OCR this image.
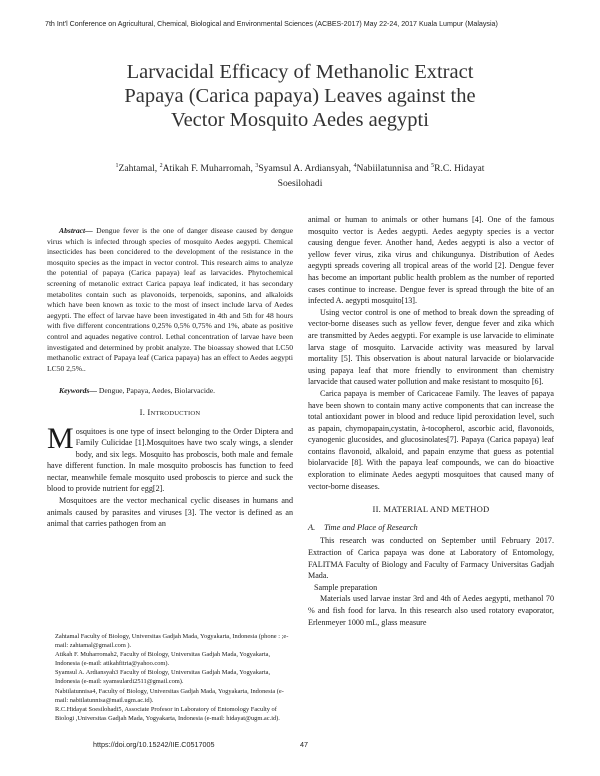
7th Int'l Conference on Agricultural, Chemical, Biological and Environmental Sciences (ACBES-2017) May 22-24, 2017 Kuala Lumpur (Malaysia)
Larvacidal Efficacy of Methanolic Extract
Papaya (Carica papaya) Leaves against the
Vector Mosquito Aedes aegypti
$^1$Zahtamal, $^2$Atikah F. Muharromah, $^3$Syamsul A. Ardiansyah, $^4$Nabiilatunnisa and $^5$R.C. Hidayat
Soesilohadi

Abstract— Dengue fever is the one of danger disease caused by dengue virus which is infected through species of mosquito Aedes aegypti. Chemical insecticides has been concidered to the development of the resistance in the mosquito species as the impact in vector control. This research aims to analyze the potential of papaya (Carica papaya) leaf as larvacides. Phytochemical screening of metanolic extract Carica papaya leaf indicated, it has secondary metabolites contain such as plavonoids, terpenoids, saponins, and alkaloids which have been known as toxic to the most of insect include larva of Aedes aegypti. The effect of larvae have been investigated in 4th and 5th for 48 hours with five different concentrations 0,25% 0,5% 0,75% and 1%, abate as positive control and aquades negative control. Lethal concentration of larvae have been investigated and determined by probit analyze. The bioassay showed that LC50 methanolic extract of Papaya leaf (Carica papaya) has an effect to Aedes aegypti LC50 2,5%..

Keywords— Dengue, Papaya, Aedes, Biolarvacide.

I. INTRODUCTION

Mosquitoes is one type of insect belonging to the Order Diptera and Family Culicidae [1].Mosquitoes have two scaly wings, a slender body, and six legs. Mosquito has proboscis, both male and female have different function. In male mosquito proboscis has function to feed nectar, meanwhile female mosquito used proboscis to pierce and suck the blood to provide nutrient for egg[2].

Mosquitoes are the vector mechanical cyclic diseases in humans and animals caused by parasites and viruses [3]. The vector is defined as an animal that carries pathogen from an

Zahtamal Faculty of Biology, Universitas Gadjah Mada, Yogyakarta, Indonesia (phone : ;e-mail: zahtamal@gmail.com ).

Atikah F. Muharromah2, Faculty of Biology, Universitas Gadjah Mada, Yogyakarta, Indonesia (e-mail: atikahfitria@yahoo.com).

Syamsul A. Ardiansyah3 Faculty of Biology, Universitas Gadjah Mada, Yogyakarta, Indonesia (e-mail: syamsulardi2511@gmail.com).

Nabiilatunnisa4, Faculty of Biology, Universitas Gadjah Mada, Yogyakarta, Indonesia (e-mail: nabiilatunnisa@mail.ugm.ac.id).

R.C.Hidayat Soesilohadi5, Associate Profesor in Laboratory of Entomology Faculty of Biologi ,Universitas Gadjah Mada, Yogyakarta, Indonesia (e-mail: hidayat@ugm.ac.id).

animal or human to animals or other humans [4]. One of the famous mosquito vector is Aedes aegypti. Aedes aegypty species is a vector causing dengue fever. Another hand, Aedes aegypti is also a vector of yellow fever virus, zika virus and chikungunya. Distribution of Aedes aegypti spreads covering all tropical areas of the world [2]. Dengue fever has become an important public health problem as the number of reported cases continue to increase. Dengue fever is spread through the bite of an infected A. aegypti mosquito[13].

Using vector control is one of method to break down the spreading of vector-borne diseases such as yellow fever, dengue fever and zika which are transmitted by Aedes aegypti. For example is use larvacide to eliminate larva stage of mosquito. Larvacide activity was measured by larval mortality [5]. This observation is about natural larvacide or biolarvacide using papaya leaf that more friendly to environment than chemistry larvacide that caused water pollution and make resistant to mosquito [6].

Carica papaya is member of Caricaceae Family. The leaves of papaya have been shown to contain many active components that can increase the total antioxidant power in blood and reduce lipid peroxidation level, such as papain, chymopapain,cystatin, à-tocopherol, ascorbic acid, flavonoids, cyanogenic glucosides, and glucosinolates[7]. Papaya (Carica papaya) leaf contains flavonoid, alkaloid, and papain enzyme that guess as potential biolarvacide [8]. With the papaya leaf compounds, we can do bioactive exploration to eliminate Aedes aegypti mosquitoes that caused many of vector-borne diseases.

II. MATERIAL AND METHOD
A. Time and Place of Research

This research was conducted on September until February 2017. Extraction of Carica papaya was done at Laboratory of Entomology, FALITMA Faculty of Biology and Faculty of Farmacy Universitas Gadjah Mada.

Sample preparation

Materials used larvae instar 3rd and 4th of Aedes aegypti, methanol 70 % and fish food for larva. In this research also used rotatory evaporator, Erlenmeyer 1000 mL, glass measure

https://doi.org/10.15242/IIE.C0517005	47
